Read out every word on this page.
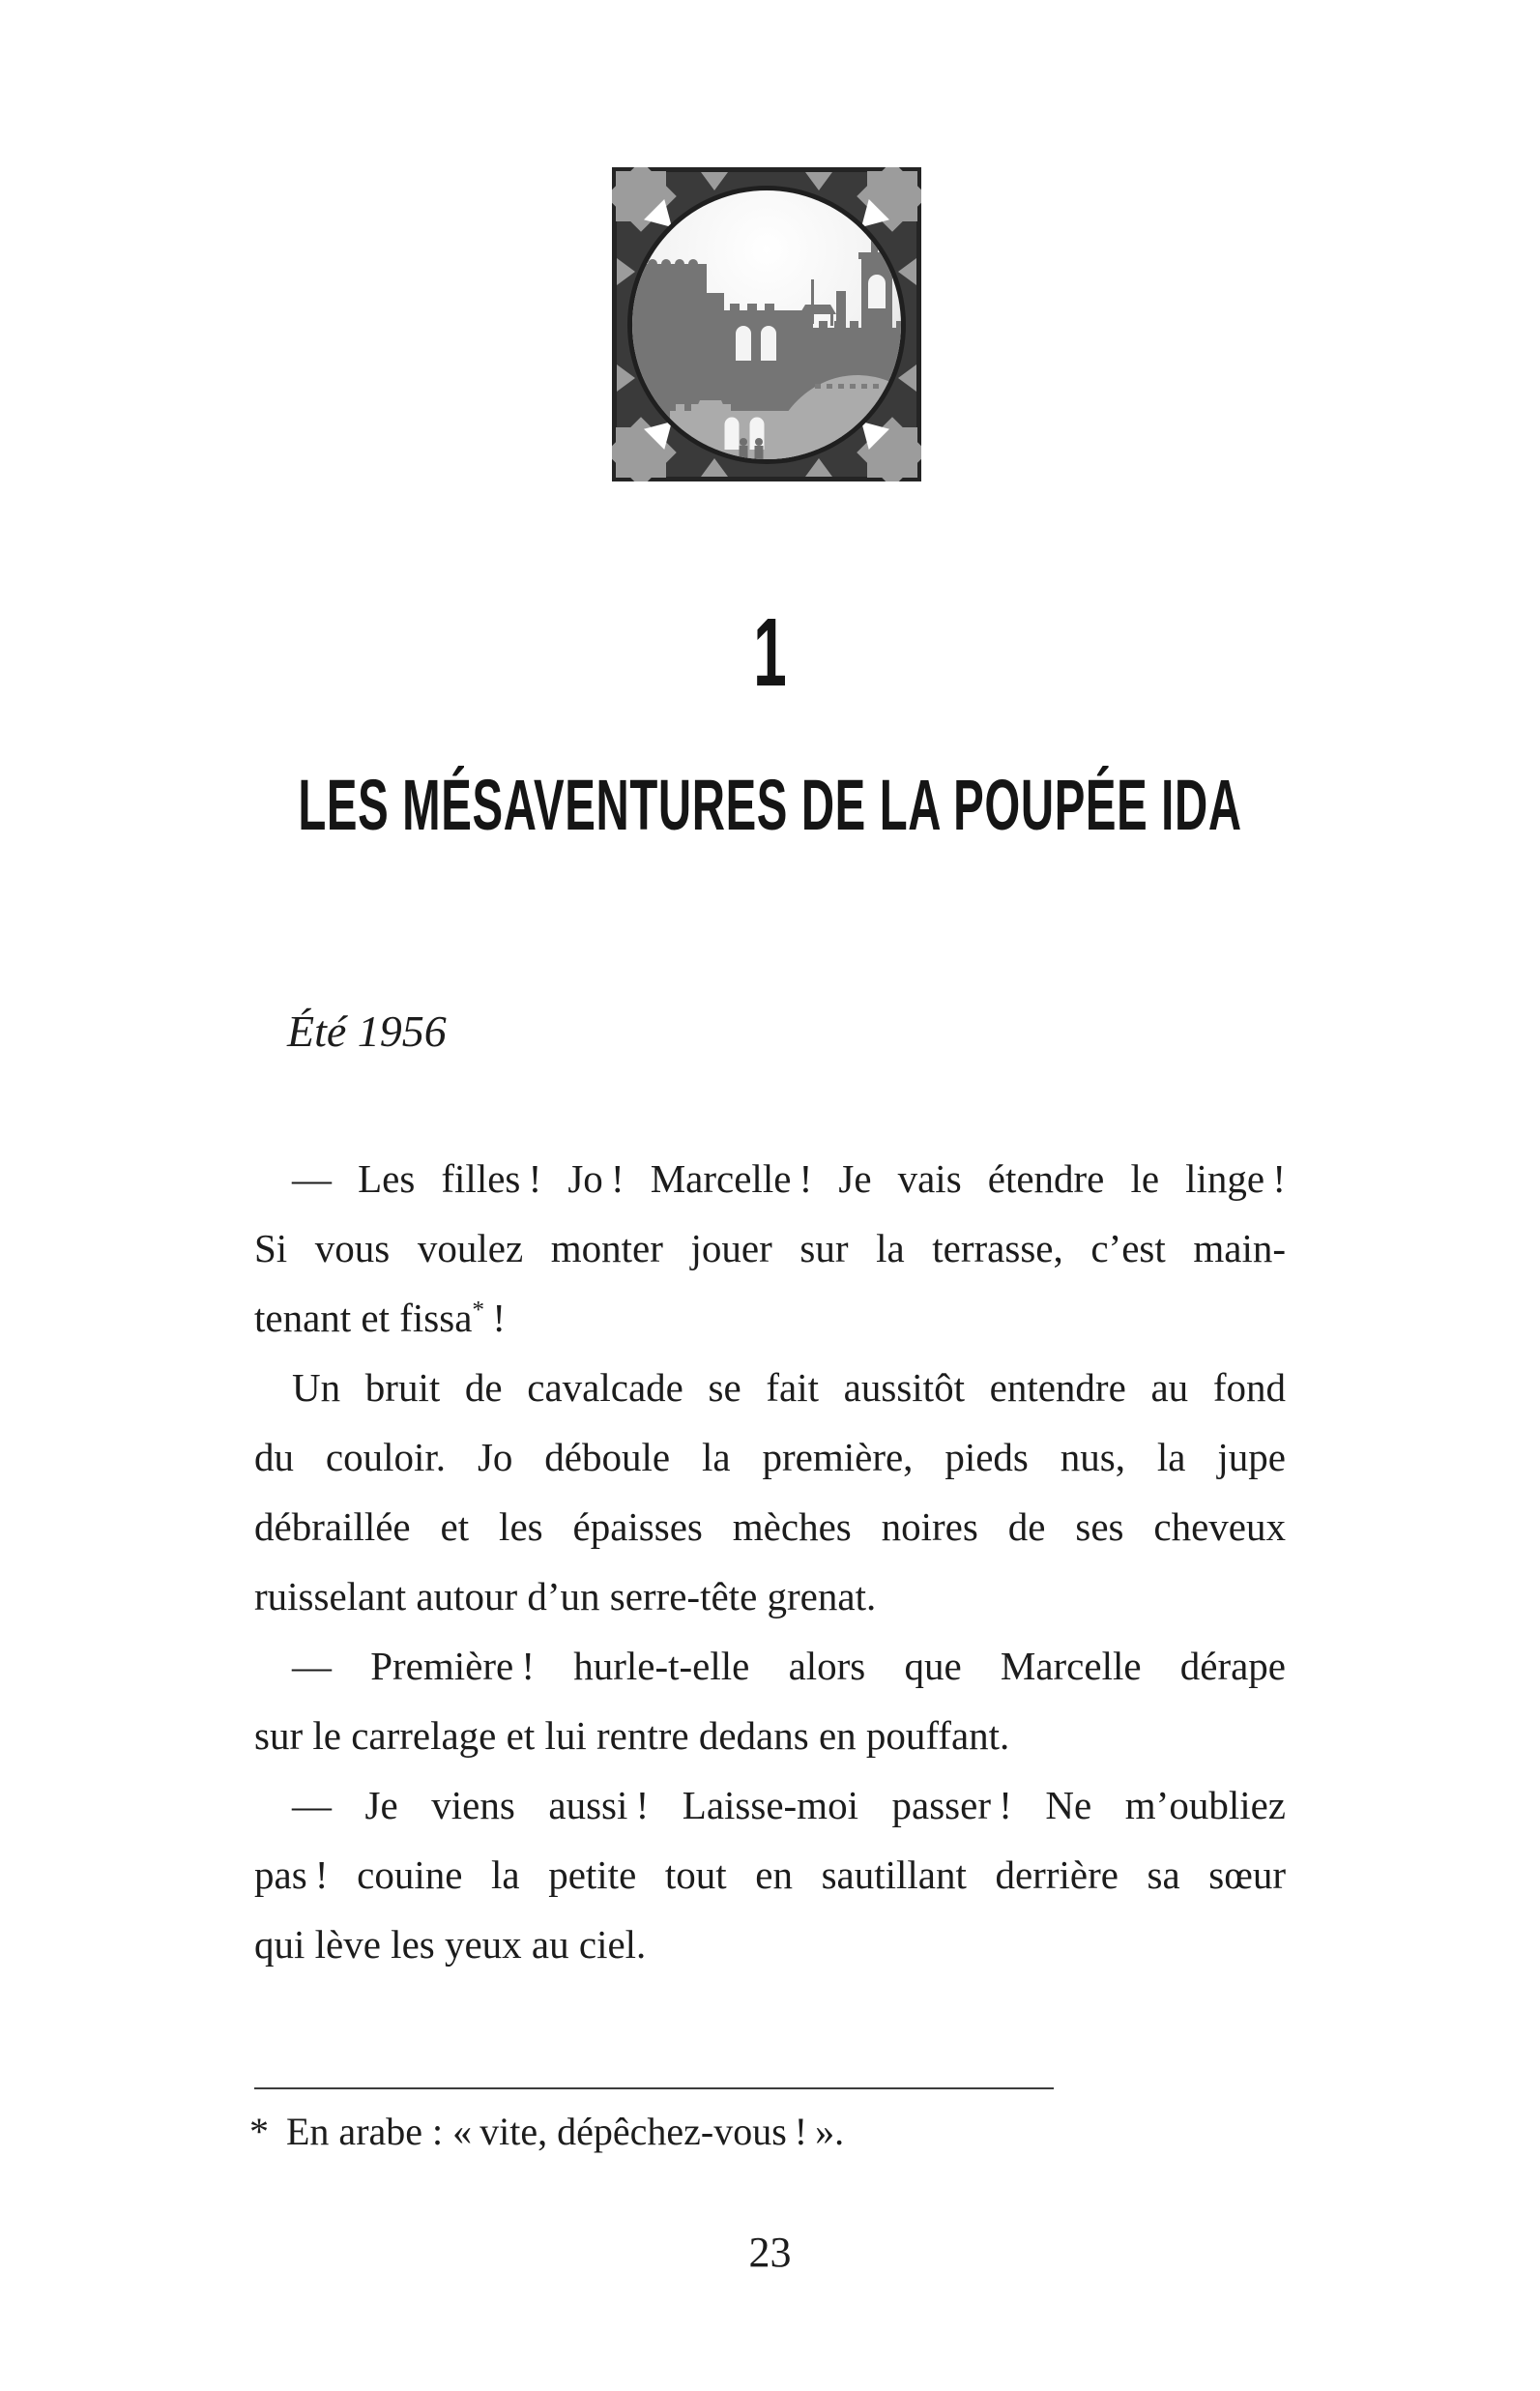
1
LES MÉSAVENTURES DE LA POUPÉE IDA
Été 1956

— Les filles ! Jo ! Marcelle ! Je vais étendre le linge !

Si vous voulez monter jouer sur la terrasse, c’est main-

tenant et fissa* !

Un bruit de cavalcade se fait aussitôt entendre au fond

du couloir. Jo déboule la première, pieds nus, la jupe

débraillée et les épaisses mèches noires de ses cheveux

ruisselant autour d’un serre-tête grenat.

— Première ! hurle-t-elle alors que Marcelle dérape

sur le carrelage et lui rentre dedans en pouffant.

— Je viens aussi ! Laisse-moi passer ! Ne m’oubliez

pas ! couine la petite tout en sautillant derrière sa sœur

qui lève les yeux au ciel.

* En arabe : « vite, dépêchez-vous ! ».
23
